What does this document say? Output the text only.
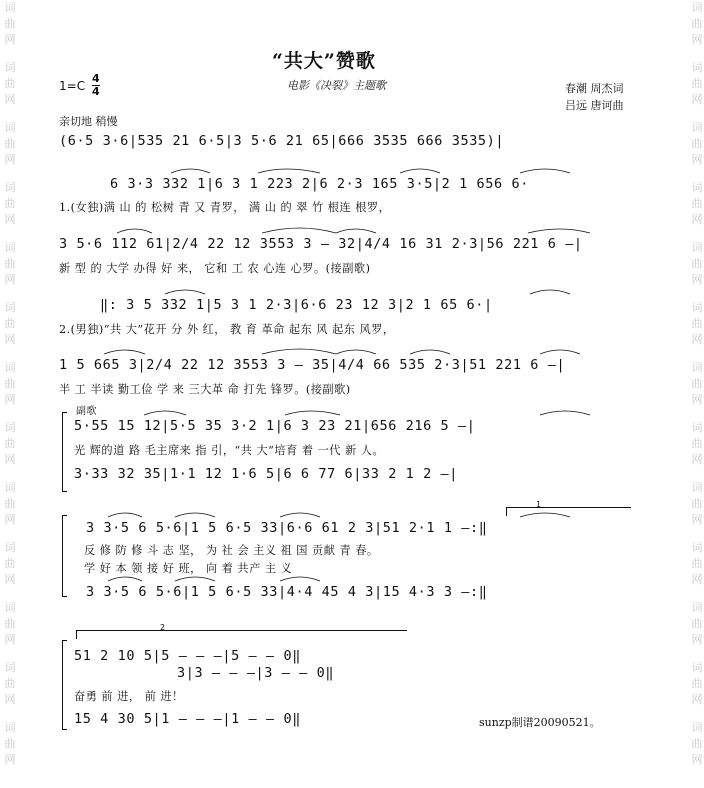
词
曲
网
词
曲
网
词
曲
网
词
曲
网
词
曲
网
词
曲
网
词
曲
网
词
曲
网
词
曲
网
词
曲
网
词
曲
网
词
曲
网
词
曲
网
词
曲
网
词
曲
网
词
曲
网
词
曲
网
词
曲
网
词
曲
网
词
曲
网
词
曲
网
词
曲
网
词
曲
网
词
曲
网
词
曲
网
词
曲
网
“共大”赞歌
电影《决裂》主题歌
1=C
4
4	春潮 周杰词
吕远 唐诃曲
亲切地 稍慢
(6·5 3·6|535 21 6·5|3 5·6 21 65|666 3535 666 3535)|
6 3·3 332 1|6 3 1 223 2|6 2·3 165 3·5|2 1 656 6·
1.(女独)满 山 的 松树 青 又 青罗， 满 山 的 翠 竹 根连 根罗，
3 5·6 112 61|2/4 22 12 3553 3 – 32|4/4 16 31 2·3|56 221 6 –|
新 型 的 大学 办得 好 来， 它和 工 农 心连 心罗。(接副歌)
‖: 3 5 332 1|5 3 1 2·3|6·6 23 12 3|2 1 65 6·|
2.(男独)“共 大”花开 分 外 红， 教 育 革命 起东 风 起东 风罗，
1 5 665 3|2/4 22 12 3553 3 – 35|4/4 66 535 2·3|51 221 6 –|
半 工 半读 勤工俭 学 来 三大革 命 打先 锋罗。(接副歌)
副歌
5·55 15 12|5·5 35 3·2 1|6 3 23 21|656 216 5 –|
光 辉的道 路 毛主席来 指 引，“共 大”培育 着 一代 新 人。
3·33 32 35|1·1 12 1·6 5|6 6 77 6|33 2 1 2 –|
1
3 3·5 6 5·6|1 5 6·5 33|6·6 61 2 3|51 2·1 1 –:‖
反 修 防 修 斗 志 坚， 为 社 会 主义 祖 国 贡献 青 春。
学 好 本 领 接 好 班， 向 着 共产 主 义
3 3·5 6 5·6|1 5 6·5 33|4·4 45 4 3|15 4·3 3 –:‖
2
51 2 10 5|5 – – –|5 – – 0‖
3|3 – – –|3 – – 0‖
奋勇 前 进， 前 进！
15 4 30 5|1 – – –|1 – – 0‖	sunzp制谱20090521。
